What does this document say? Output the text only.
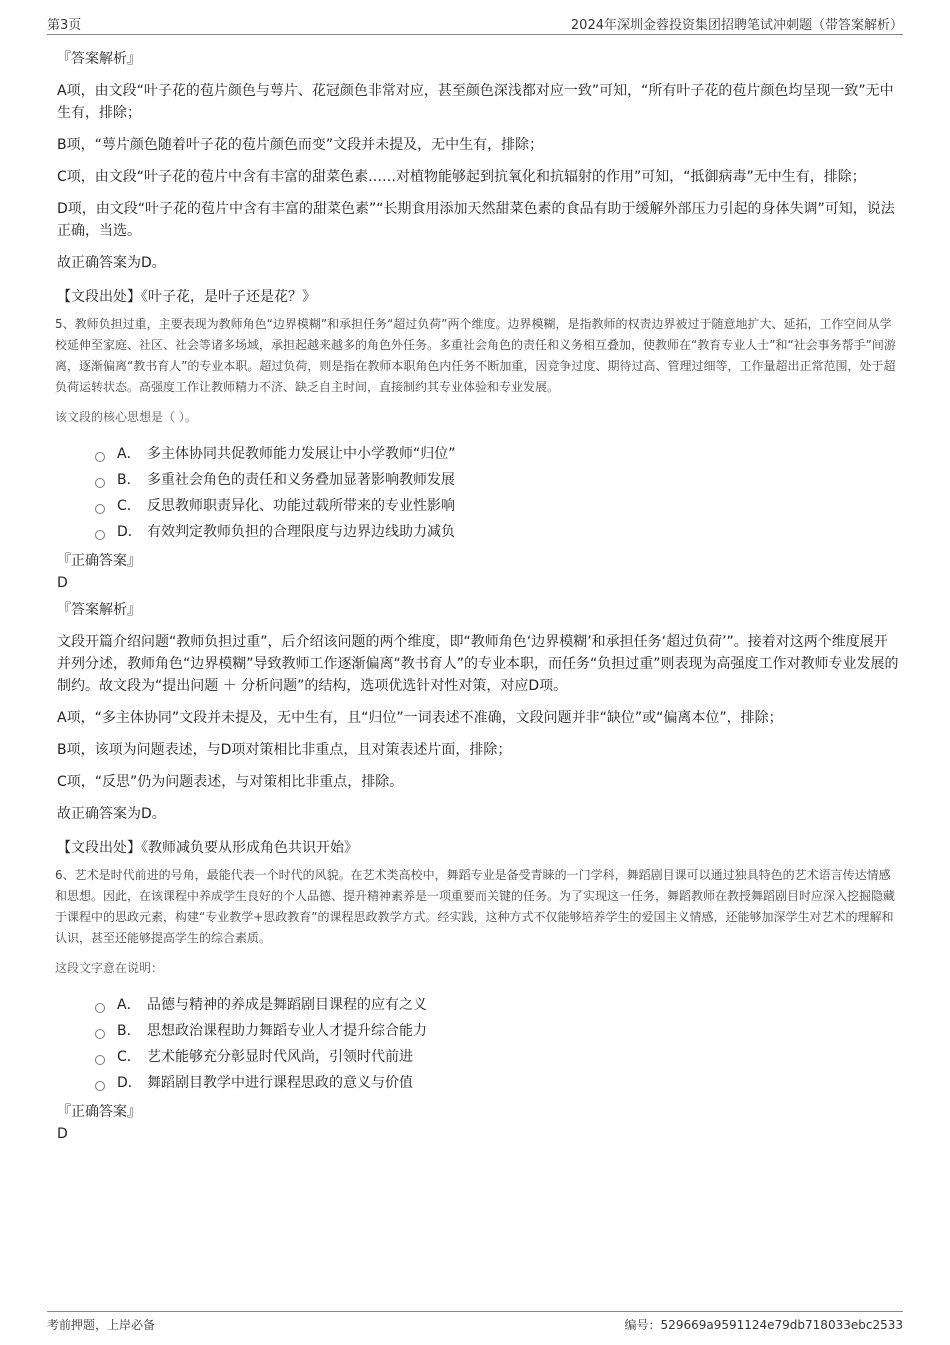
第3页	2024年深圳金蓉投资集团招聘笔试冲刺题（带答案解析）
『答案解析』

A项，由文段“叶子花的苞片颜色与萼片、花冠颜色非常对应，甚至颜色深浅都对应一致”可知，“所有叶子花的苞片颜色均呈现一致”无中生有，排除；

B项，“萼片颜色随着叶子花的苞片颜色而变”文段并未提及，无中生有，排除；

C项，由文段“叶子花的苞片中含有丰富的甜菜色素……对植物能够起到抗氧化和抗辐射的作用”可知，“抵御病毒”无中生有，排除；

D项，由文段“叶子花的苞片中含有丰富的甜菜色素”“长期食用添加天然甜菜色素的食品有助于缓解外部压力引起的身体失调”可知，说法正确，当选。

故正确答案为D。

【文段出处】《叶子花，是叶子还是花？》

5、教师负担过重，主要表现为教师角色“边界模糊”和承担任务“超过负荷”两个维度。边界模糊，是指教师的权责边界被过于随意地扩大、延拓，工作空间从学校延伸至家庭、社区、社会等诸多场域，承担起越来越多的角色外任务。多重社会角色的责任和义务相互叠加，使教师在“教育专业人士”和“社会事务帮手”间游离，逐渐偏离“教书育人”的专业本职。超过负荷，则是指在教师本职角色内任务不断加重，因竞争过度、期待过高、管理过细等，工作量超出正常范围，处于超负荷运转状态。高强度工作让教师精力不济、缺乏自主时间，直接制约其专业体验和专业发展。

该文段的核心思想是（ ）。
A． 多主体协同共促教师能力发展让中小学教师“归位”
B． 多重社会角色的责任和义务叠加显著影响教师发展
C． 反思教师职责异化、功能过载所带来的专业性影响
D． 有效判定教师负担的合理限度与边界边线助力减负
『正确答案』
D
『答案解析』

文段开篇介绍问题“教师负担过重”，后介绍该问题的两个维度，即“教师角色‘边界模糊’和承担任务‘超过负荷’”。接着对这两个维度展开并列分述，教师角色“边界模糊”导致教师工作逐渐偏离“教书育人”的专业本职，而任务“负担过重”则表现为高强度工作对教师专业发展的制约。故文段为“提出问题 ＋ 分析问题”的结构，选项优选针对性对策，对应D项。

A项，“多主体协同”文段并未提及，无中生有，且“归位”一词表述不准确，文段问题并非“缺位”或“偏离本位”，排除；

B项，该项为问题表述，与D项对策相比非重点，且对策表述片面，排除；

C项，“反思”仍为问题表述，与对策相比非重点，排除。

故正确答案为D。

【文段出处】《教师减负要从形成角色共识开始》

6、艺术是时代前进的号角，最能代表一个时代的风貌。在艺术类高校中，舞蹈专业是备受青睐的一门学科，舞蹈剧目课可以通过独具特色的艺术语言传达情感和思想。因此，在该课程中养成学生良好的个人品德、提升精神素养是一项重要而关键的任务。为了实现这一任务，舞蹈教师在教授舞蹈剧目时应深入挖掘隐藏于课程中的思政元素，构建“专业教学+思政教育”的课程思政教学方式。经实践，这种方式不仅能够培养学生的爱国主义情感，还能够加深学生对艺术的理解和认识，甚至还能够提高学生的综合素质。

这段文字意在说明：
A． 品德与精神的养成是舞蹈剧目课程的应有之义
B． 思想政治课程助力舞蹈专业人才提升综合能力
C． 艺术能够充分彰显时代风尚，引领时代前进
D． 舞蹈剧目教学中进行课程思政的意义与价值
『正确答案』
D
考前押题，上岸必备	编号：529669a9591124e79db718033ebc2533
